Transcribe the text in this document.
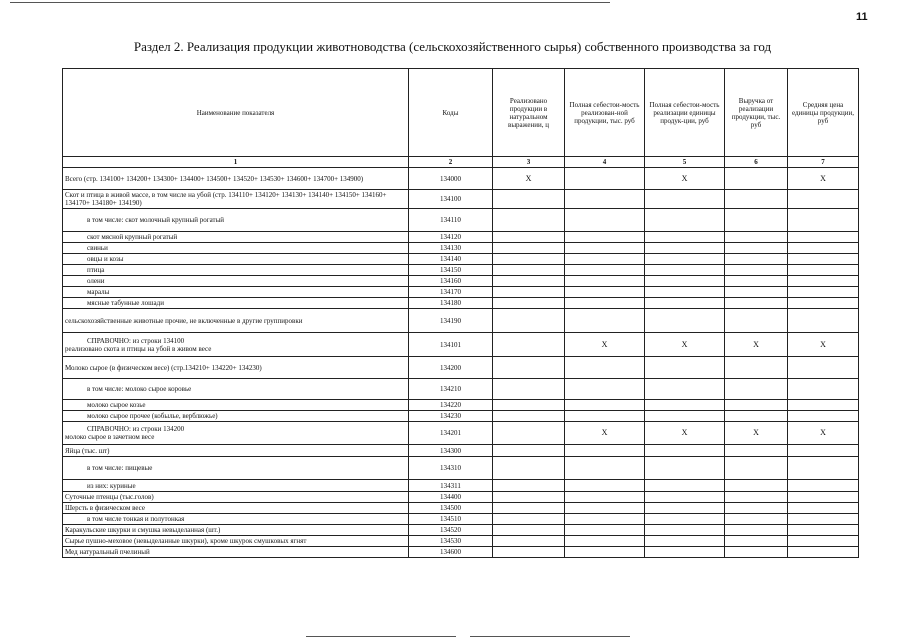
11
Раздел 2. Реализация продукции животноводства (сельскохозяйственного сырья) собственного производства за год
Наименование показателя	Коды	Реализовано продукции в натуральном выражении, ц	Полная себестои-мость реализован-ной продукции, тыс. руб	Полная себестои-мость реализации единицы продук-ции, руб	Выручка от реализации продукции, тыс. руб	Средняя цена единицы продукции, руб
1	2	3	4	5	6	7
Всего (стр. 134100+ 134200+ 134300+ 134400+ 134500+ 134520+ 134530+ 134600+ 134700+ 134900)	134000	X		X		X
Скот и птица в живой массе, в том числе на убой (стр. 134110+ 134120+ 134130+ 134140+ 134150+ 134160+ 134170+ 134180+ 134190)	134100					
в том числе: скот молочный крупный рогатый	134110					
скот мясной крупный рогатый	134120					
свиньи	134130					
овцы и козы	134140					
птица	134150					
олени	134160					
маралы	134170					
мясные табунные лошади	134180					
сельскохозяйственные животные прочие, не включенные в другие группировки	134190					

СПРАВОЧНО: из строки 134100
реализовано скота и птицы на убой в живом весе	134101		X	X	X	X
Молоко сырое (в физическом весе) (стр.134210+ 134220+ 134230)	134200					
в том числе: молоко сырое коровье	134210					
молоко сырое козье	134220					
молоко сырое прочее (кобылье, верблюжье)	134230					

СПРАВОЧНО: из строки 134200
молоко сырое в зачетном весе	134201		X	X	X	X
Яйца (тыс. шт)	134300					
в том числе: пищевые	134310					
из них: куриные	134311					
Суточные птенцы (тыс.голов)	134400					
Шерсть в физическом весе	134500					
в том числе тонкая и полутонкая	134510					
Каракульские шкурки и смушка невыделанная (шт.)	134520					
Сырье пушно-меховое (невыделанные шкурки), кроме шкурок смушковых ягнят	134530					
Мед натуральный пчелиный	134600					
